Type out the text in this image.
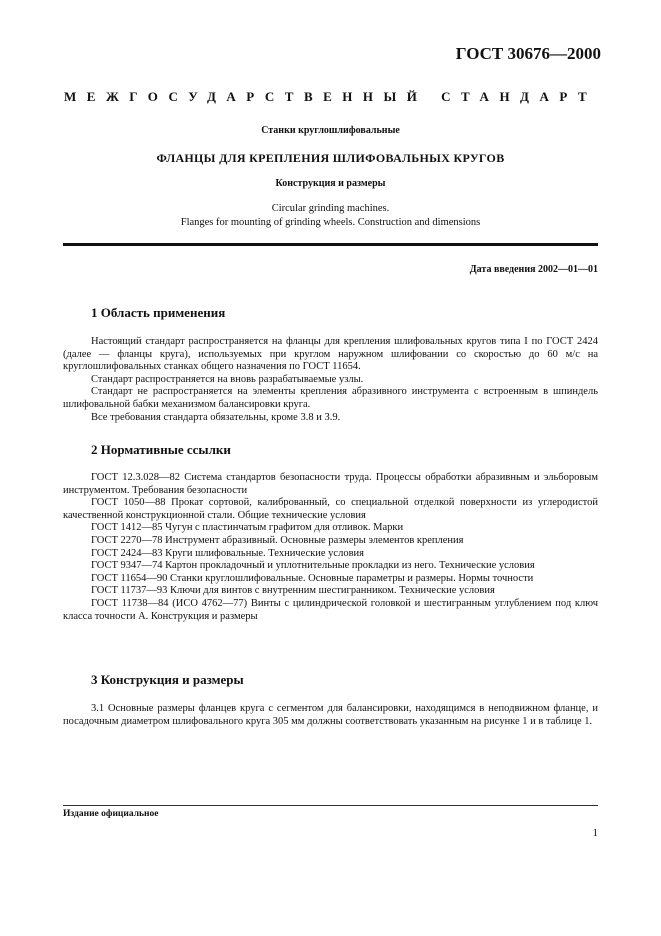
ГОСТ 30676—2000
МЕЖГОСУДАРСТВЕННЫЙ СТАНДАРТ
Станки круглошлифовальные
ФЛАНЦЫ ДЛЯ КРЕПЛЕНИЯ ШЛИФОВАЛЬНЫХ КРУГОВ
Конструкция и размеры
Circular grinding machines.
Flanges for mounting of grinding wheels. Construction and dimensions
Дата введения 2002—01—01
1 Область применения

Настоящий стандарт распространяется на фланцы для крепления шлифовальных кругов типа I по ГОСТ 2424 (далее — фланцы круга), используемых при круглом наружном шлифовании со скоростью до 60 м/с на круглошлифовальных станках общего назначения по ГОСТ 11654.

Стандарт распространяется на вновь разрабатываемые узлы.

Стандарт не распространяется на элементы крепления абразивного инструмента с встроенным в шпиндель шлифовальной бабки механизмом балансировки круга.

Все требования стандарта обязательны, кроме 3.8 и 3.9.

2 Нормативные ссылки

ГОСТ 12.3.028—82 Система стандартов безопасности труда. Процессы обработки абразивным и эльборовым инструментом. Требования безопасности

ГОСТ 1050—88 Прокат сортовой, калиброванный, со специальной отделкой поверхности из углеродистой качественной конструкционной стали. Общие технические условия

ГОСТ 1412—85 Чугун с пластинчатым графитом для отливок. Марки

ГОСТ 2270—78 Инструмент абразивный. Основные размеры элементов крепления

ГОСТ 2424—83 Круги шлифовальные. Технические условия

ГОСТ 9347—74 Картон прокладочный и уплотнительные прокладки из него. Технические условия

ГОСТ 11654—90 Станки круглошлифовальные. Основные параметры и размеры. Нормы точности

ГОСТ 11737—93 Ключи для винтов с внутренним шестигранником. Технические условия

ГОСТ 11738—84 (ИСО 4762—77) Винты с цилиндрической головкой и шестигранным углублением под ключ класса точности А. Конструкция и размеры

3 Конструкция и размеры

3.1 Основные размеры фланцев круга с сегментом для балансировки, находящимся в неподвижном фланце, и посадочным диаметром шлифовального круга 305 мм должны соответствовать указанным на рисунке 1 и в таблице 1.

Издание официальное
1
